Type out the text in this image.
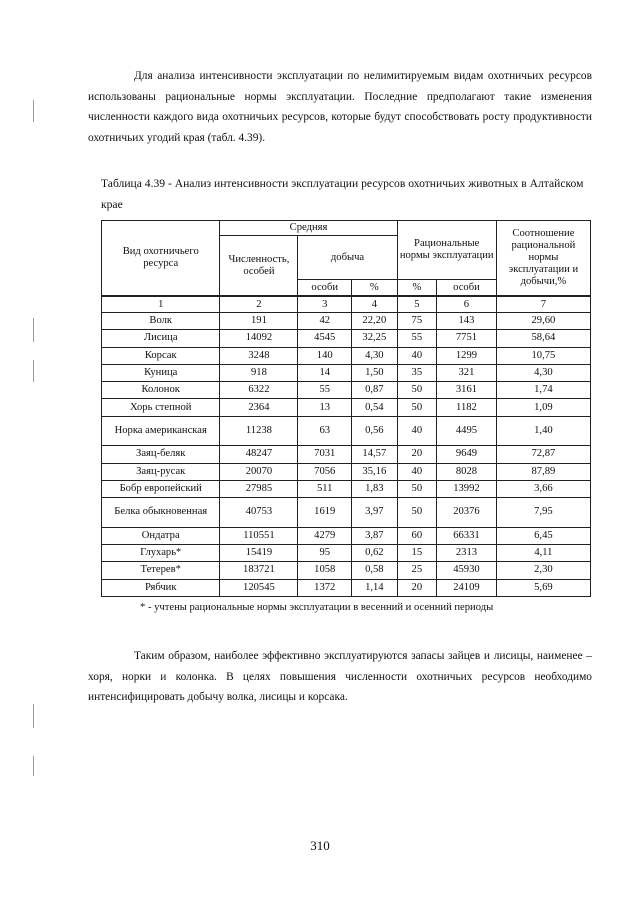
Для анализа интенсивности эксплуатации по нелимитируемым видам охотничьих ресурсов использованы рациональные нормы эксплуатации. Последние предполагают такие изменения численности каждого вида охотничьих ресурсов, которые будут способствовать росту продуктивности охотничьих угодий края (табл. 4.39).

Таблица 4.39 - Анализ интенсивности эксплуатации ресурсов охотничьих животных в Алтайском крае
Вид охотничьего ресурса	Средняя			Рациональные нормы эксплуатации		Соотношение рациональной нормы эксплуатации и добычи,%
	Численность, особей	добыча				
		особи	%	%	особи	
1	2	3	4	5	6	7
Волк	191	42	22,20	75	143	29,60
Лисица	14092	4545	32,25	55	7751	58,64
Корсак	3248	140	4,30	40	1299	10,75
Куница	918	14	1,50	35	321	4,30
Колонок	6322	55	0,87	50	3161	1,74
Хорь степной	2364	13	0,54	50	1182	1,09
Норка американская	11238	63	0,56	40	4495	1,40
Заяц-беляк	48247	7031	14,57	20	9649	72,87
Заяц-русак	20070	7056	35,16	40	8028	87,89
Бобр европейский	27985	511	1,83	50	13992	3,66
Белка обыкновенная	40753	1619	3,97	50	20376	7,95
Ондатра	110551	4279	3,87	60	66331	6,45
Глухарь*	15419	95	0,62	15	2313	4,11
Тетерев*	183721	1058	0,58	25	45930	2,30
Рябчик	120545	1372	1,14	20	24109	5,69
* - учтены рациональные нормы эксплуатации в весенний и осенний периоды

Таким образом, наиболее эффективно эксплуатируются запасы зайцев и лисицы, наименее – хоря, норки и колонка. В целях повышения численности охотничьих ресурсов необходимо интенсифицировать добычу волка, лисицы и корсака.

310
